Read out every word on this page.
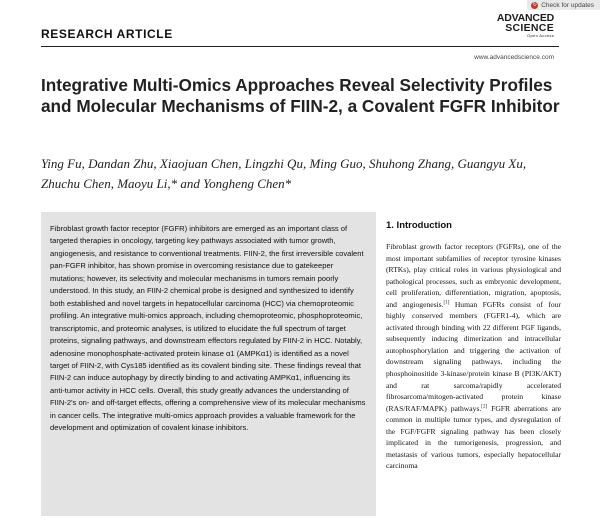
↻ Check for updates
RESEARCH ARTICLE
ADVANCED
SCIENCE
Open Access
www.advancedscience.com
Integrative Multi-Omics Approaches Reveal Selectivity Profiles and Molecular Mechanisms of FIIN-2, a Covalent FGFR Inhibitor

Ying Fu, Dandan Zhu, Xiaojuan Chen, Lingzhi Qu, Ming Guo, Shuhong Zhang, Guangyu Xu, Zhuchu Chen, Maoyu Li,* and Yongheng Chen*

Fibroblast growth factor receptor (FGFR) inhibitors are emerged as an important class of targeted therapies in oncology, targeting key pathways associated with tumor growth, angiogenesis, and resistance to conventional treatments. FIIN-2, the first irreversible covalent pan-FGFR inhibitor, has shown promise in overcoming resistance due to gatekeeper mutations; however, its selectivity and molecular mechanisms in tumors remain poorly understood. In this study, an FIIN-2 chemical probe is designed and synthesized to identify both established and novel targets in hepatocellular carcinoma (HCC) via chemoproteomic profiling. An integrative multi-omics approach, including chemoproteomic, phosphoproteomic, transcriptomic, and proteomic analyses, is utilized to elucidate the full spectrum of target proteins, signaling pathways, and downstream effectors regulated by FIIN-2 in HCC. Notably, adenosine monophosphate-activated protein kinase α1 (AMPKα1) is identified as a novel target of FIIN-2, with Cys185 identified as its covalent binding site. These findings reveal that FIIN-2 can induce autophagy by directly binding to and activating AMPKα1, influencing its anti-tumor activity in HCC cells. Overall, this study greatly advances the understanding of FIIN-2's on- and off-target effects, offering a comprehensive view of its molecular mechanisms in cancer cells. The integrative multi-omics approach provides a valuable framework for the development and optimization of covalent kinase inhibitors.
1. Introduction

Fibroblast growth factor receptors (FGFRs), one of the most important subfamilies of receptor tyrosine kinases (RTKs), play critical roles in various physiological and pathological processes, such as embryonic development, cell proliferation, differentiation, migration, apoptosis, and angiogenesis.[1] Human FGFRs consist of four highly conserved members (FGFR1-4), which are activated through binding with 22 different FGF ligands, subsequently inducing dimerization and intracellular autophosphorylation and triggering the activation of downstream signaling pathways, including the phosphoinositide 3-kinase/protein kinase B (PI3K/AKT) and rat sarcoma/rapidly accelerated fibrosarcoma/mitogen-activated protein kinase (RAS/RAF/MAPK) pathways.[2] FGFR aberrations are common in multiple tumor types, and dysregulation of the FGF/FGFR signaling pathway has been closely implicated in the tumorigenesis, progression, and metastasis of various tumors, especially hepatocellular carcinoma
